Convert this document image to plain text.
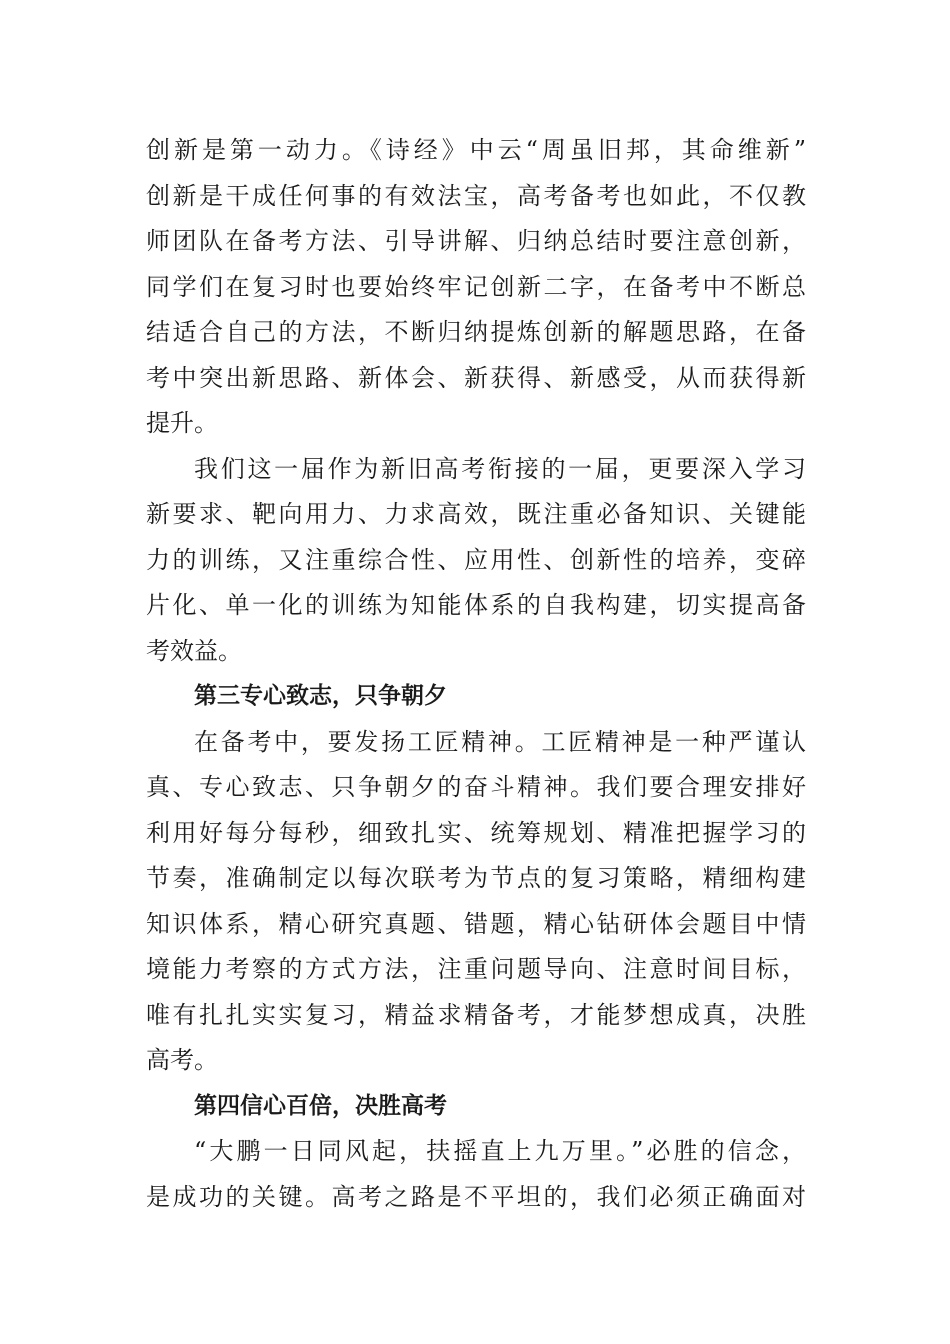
创新是第一动力。《诗经》中云“周虽旧邦，其命维新”
创新是干成任何事的有效法宝，高考备考也如此，不仅教
师团队在备考方法、引导讲解、归纳总结时要注意创新，
同学们在复习时也要始终牢记创新二字，在备考中不断总
结适合自己的方法，不断归纳提炼创新的解题思路，在备
考中突出新思路、新体会、新获得、新感受，从而获得新
提升。
我们这一届作为新旧高考衔接的一届，更要深入学习
新要求、靶向用力、力求高效，既注重必备知识、关键能
力的训练，又注重综合性、应用性、创新性的培养，变碎
片化、单一化的训练为知能体系的自我构建，切实提高备
考效益。
第三专心致志，只争朝夕
在备考中，要发扬工匠精神。工匠精神是一种严谨认
真、专心致志、只争朝夕的奋斗精神。我们要合理安排好
利用好每分每秒，细致扎实、统筹规划、精准把握学习的
节奏，准确制定以每次联考为节点的复习策略，精细构建
知识体系，精心研究真题、错题，精心钻研体会题目中情
境能力考察的方式方法，注重问题导向、注意时间目标，
唯有扎扎实实复习，精益求精备考，才能梦想成真，决胜
高考。
第四信心百倍，决胜高考
“大鹏一日同风起，扶摇直上九万里。”必胜的信念，
是成功的关键。高考之路是不平坦的，我们必须正确面对
